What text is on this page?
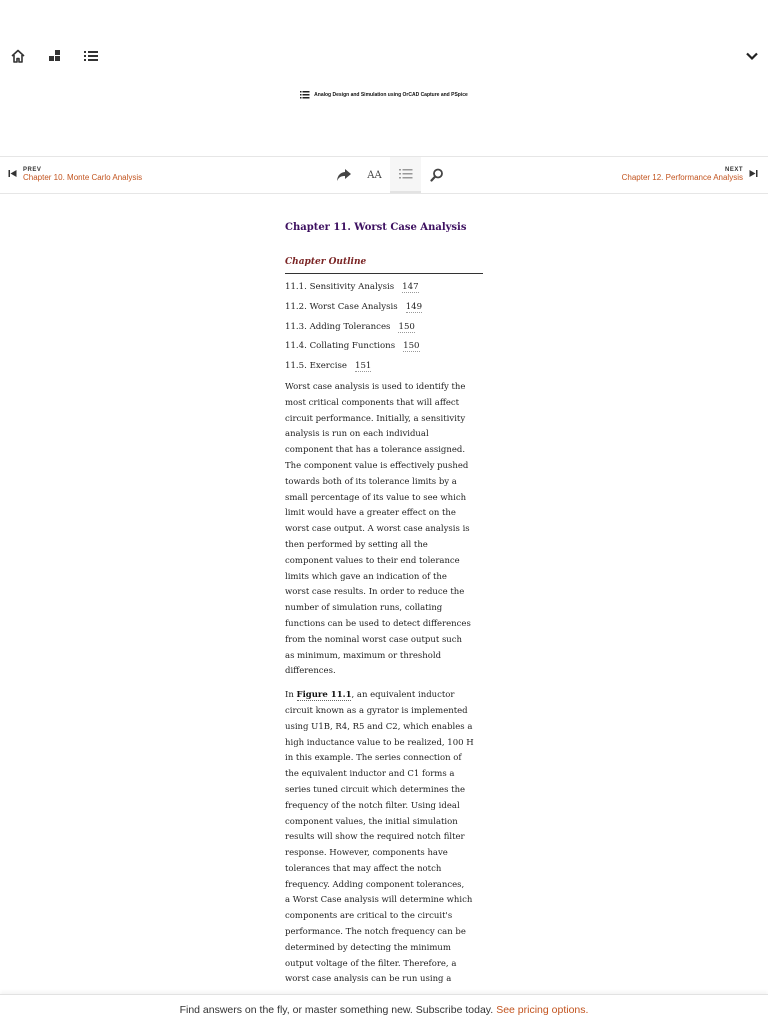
Analog Design and Simulation using OrCAD Capture and PSpice
PREV
Chapter 10. Monte Carlo Analysis	AA	NEXT
Chapter 12. Performance Analysis
Chapter 11. Worst Case Analysis
Chapter Outline
11.1. Sensitivity Analysis 147
11.2. Worst Case Analysis 149
11.3. Adding Tolerances 150
11.4. Collating Functions 150
11.5. Exercise 151

Worst case analysis is used to identify the
most critical components that will affect
circuit performance. Initially, a sensitivity
analysis is run on each individual
component that has a tolerance assigned.
The component value is effectively pushed
towards both of its tolerance limits by a
small percentage of its value to see which
limit would have a greater effect on the
worst case output. A worst case analysis is
then performed by setting all the
component values to their end tolerance
limits which gave an indication of the
worst case results. In order to reduce the
number of simulation runs, collating
functions can be used to detect differences
from the nominal worst case output such
as minimum, maximum or threshold
differences.

In Figure 11.1, an equivalent inductor
circuit known as a gyrator is implemented
using U1B, R4, R5 and C2, which enables a
high inductance value to be realized, 100 H
in this example. The series connection of
the equivalent inductor and C1 forms a
series tuned circuit which determines the
frequency of the notch filter. Using ideal
component values, the initial simulation
results will show the required notch filter
response. However, components have
tolerances that may affect the notch
frequency. Adding component tolerances,
a Worst Case analysis will determine which
components are critical to the circuit's
performance. The notch frequency can be
determined by detecting the minimum
output voltage of the filter. Therefore, a
worst case analysis can be run using a

Find answers on the fly, or master something new. Subscribe today. See pricing options.
